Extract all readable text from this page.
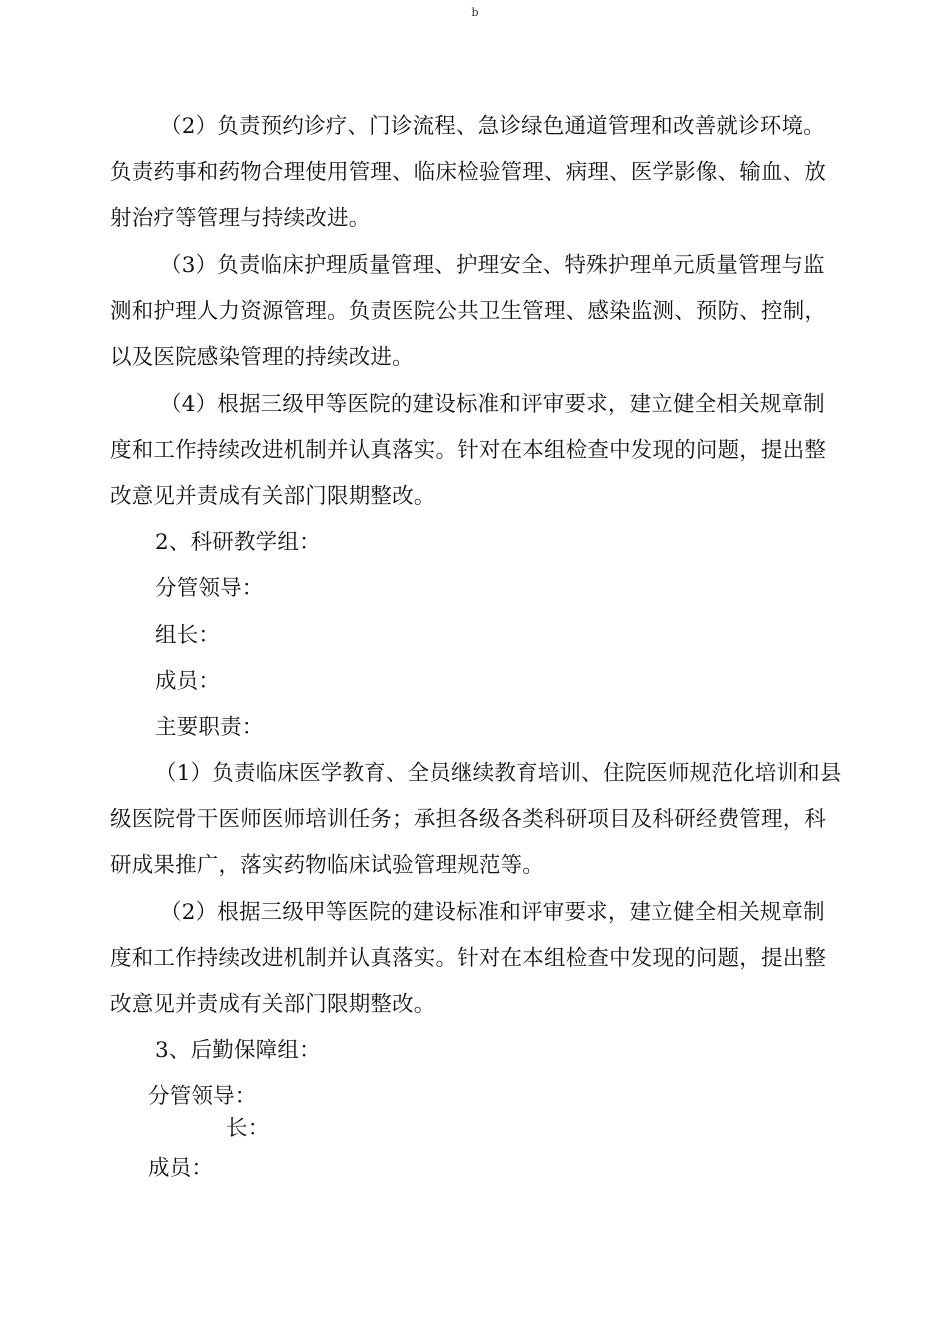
b
（2）负责预约诊疗、门诊流程、急诊绿色通道管理和改善就诊环境。
负责药事和药物合理使用管理、临床检验管理、病理、医学影像、输血、放
射治疗等管理与持续改进。
（3）负责临床护理质量管理、护理安全、特殊护理单元质量管理与监
测和护理人力资源管理。负责医院公共卫生管理、感染监测、预防、控制，
以及医院感染管理的持续改进。
（4）根据三级甲等医院的建设标准和评审要求，建立健全相关规章制
度和工作持续改进机制并认真落实。针对在本组检查中发现的问题，提出整
改意见并责成有关部门限期整改。
2、科研教学组：
分管领导：
组长：
成员：
主要职责：
（1）负责临床医学教育、全员继续教育培训、住院医师规范化培训和县
级医院骨干医师医师培训任务；承担各级各类科研项目及科研经费管理，科
研成果推广，落实药物临床试验管理规范等。
（2）根据三级甲等医院的建设标准和评审要求，建立健全相关规章制
度和工作持续改进机制并认真落实。针对在本组检查中发现的问题，提出整
改意见并责成有关部门限期整改。
3、后勤保障组：
分管领导：
长：
成员：
